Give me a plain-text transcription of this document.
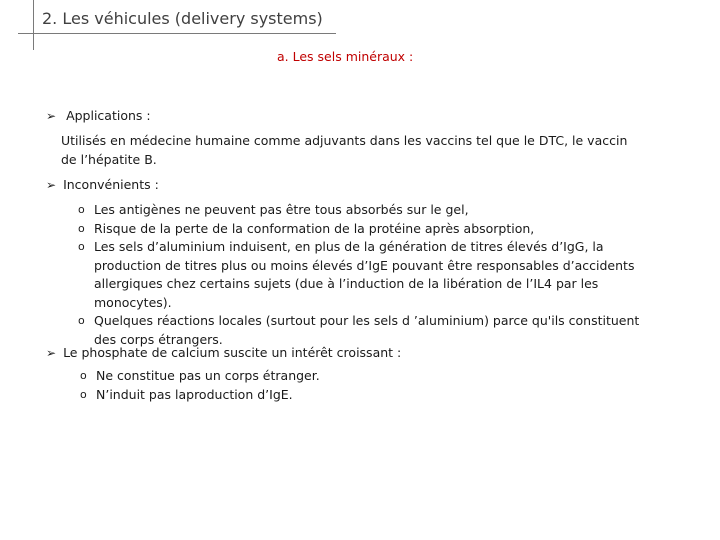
2. Les véhicules (delivery systems)
a. Les sels minéraux :
➢ Applications :

Utilisés en médecine humaine comme adjuvants dans les vaccins tel que le DTC, le vaccin de l’hépatite B.

➢ Inconvénients :
o Les antigènes ne peuvent pas être tous absorbés sur le gel,
o Risque de la perte de la conformation de la protéine après absorption,
o Les sels d’aluminium induisent, en plus de la génération de titres élevés d’IgG, la production de titres plus ou moins élevés d’IgE pouvant être responsables d’accidents allergiques chez certains sujets (due à l’induction de la libération de l’IL4 par les monocytes).
o Quelques réactions locales (surtout pour les sels d ’aluminium) parce qu'ils constituent des corps étrangers.
➢ Le phosphate de calcium suscite un intérêt croissant :
o Ne constitue pas un corps étranger.
o N’induit pas laproduction d’IgE.
